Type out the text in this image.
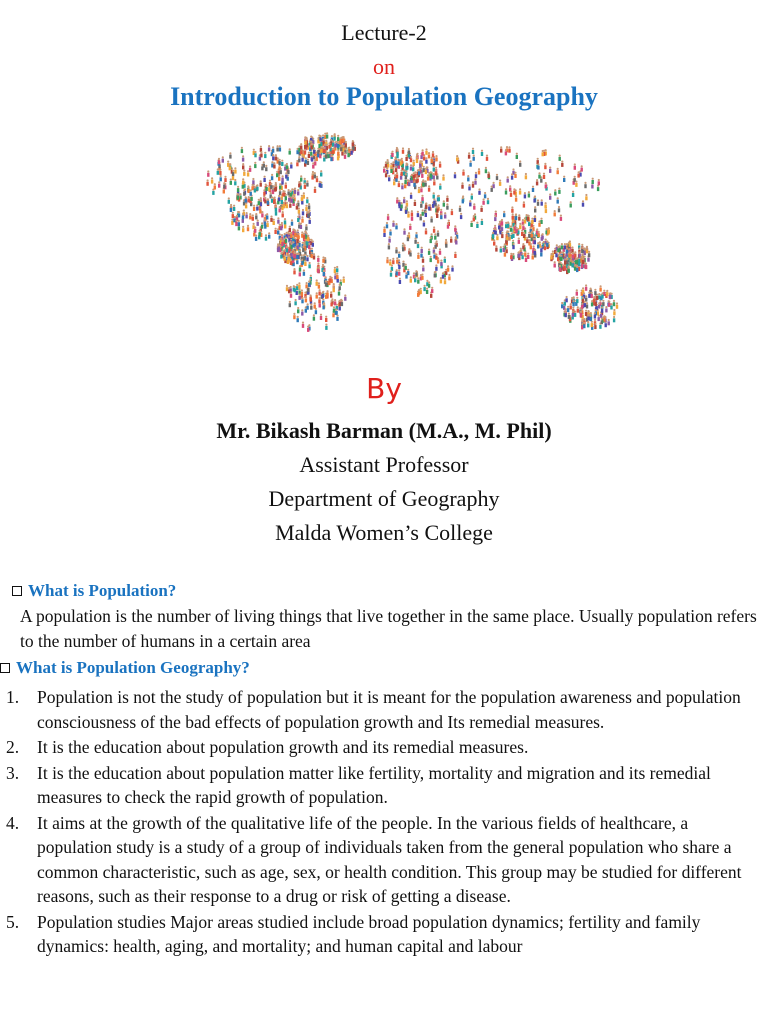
Lecture-2
on
Introduction to Population Geography
By
Mr. Bikash Barman (M.A., M. Phil)
Assistant Professor
Department of Geography
Malda Women’s College
What is Population?
A population is the number of living things that live together in the same place. Usually population refers to the number of humans in a certain area
What is Population Geography?
1.	Population is not the study of population but it is meant for the population awareness and population consciousness of the bad effects of population growth and Its remedial measures.
2.	It is the education about population growth and its remedial measures.
3.	It is the education about population matter like fertility, mortality and migration and its remedial measures to check the rapid growth of population.
4.	It aims at the growth of the qualitative life of the people. In the various fields of healthcare, a population study is a study of a group of individuals taken from the general population who share a common characteristic, such as age, sex, or health condition. This group may be studied for different reasons, such as their response to a drug or risk of getting a disease.
5.	Population studies Major areas studied include broad population dynamics; fertility and family dynamics: health, aging, and mortality; and human capital and labour
